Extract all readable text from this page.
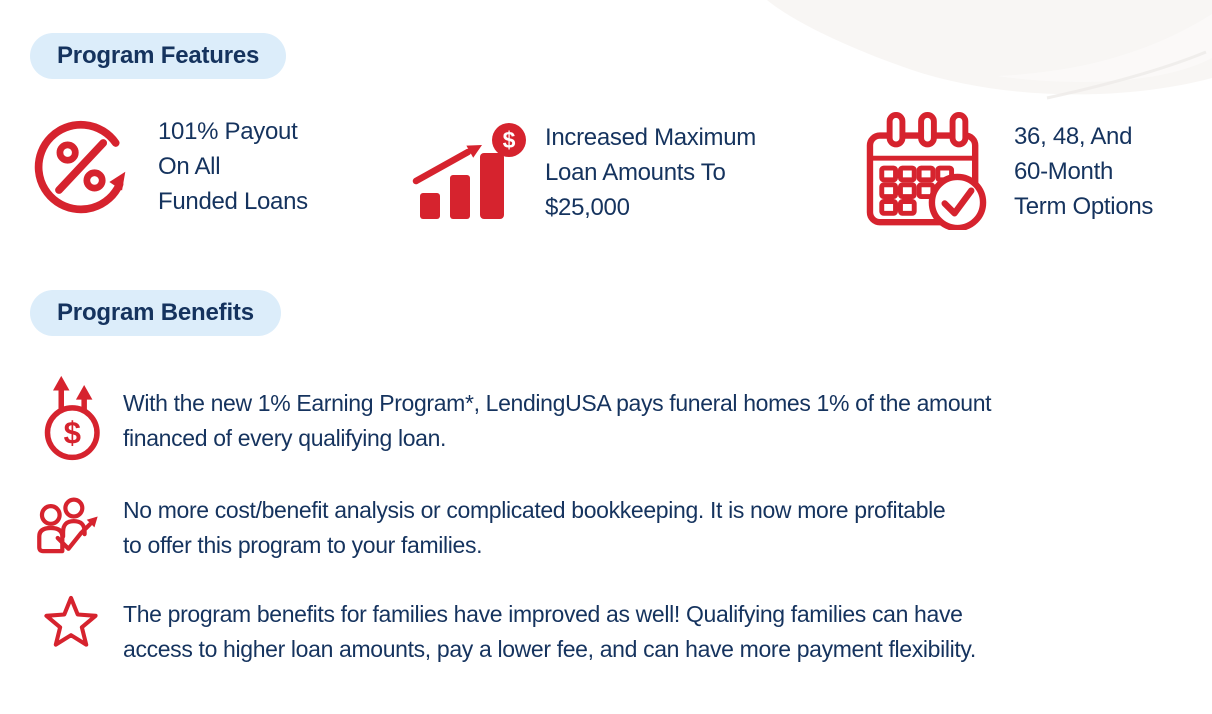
Program Features
101% Payout
On All
Funded Loans
$ Increased Maximum
Loan Amounts To
$25,000
36, 48, And
60-Month
Term Options
Program Benefits
$
With the new 1% Earning Program*, LendingUSA pays funeral homes 1% of the amount
financed of every qualifying loan.
No more cost/benefit analysis or complicated bookkeeping. It is now more profitable
to offer this program to your families.
The program benefits for families have improved as well! Qualifying families can have
access to higher loan amounts, pay a lower fee, and can have more payment flexibility.
